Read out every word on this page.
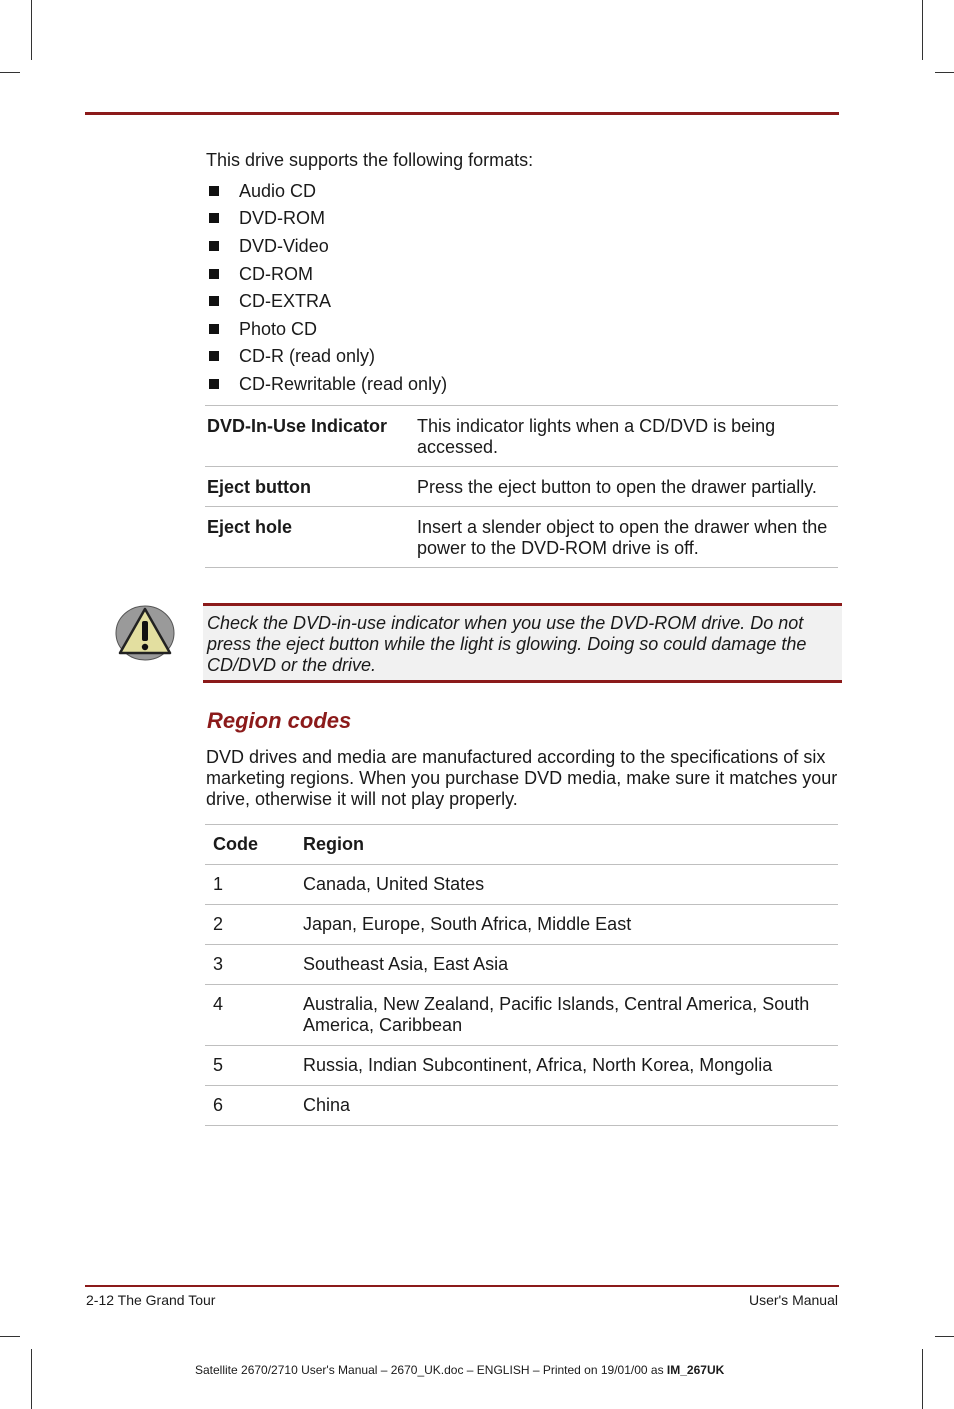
This drive supports the following formats:
Audio CD
DVD-ROM
DVD-Video
CD-ROM
CD-EXTRA
Photo CD
CD-R (read only)
CD-Rewritable (read only)
DVD-In-Use Indicator	This indicator lights when a CD/DVD is being accessed.
Eject button	Press the eject button to open the drawer partially.
Eject hole	Insert a slender object to open the drawer when the power to the DVD-ROM drive is off.

Check the DVD-in-use indicator when you use the DVD-ROM drive. Do not press the eject button while the light is glowing. Doing so could damage the CD/DVD or the drive.

Region codes

DVD drives and media are manufactured according to the specifications of six marketing regions. When you purchase DVD media, make sure it matches your drive, otherwise it will not play properly.

Code	Region
1	Canada, United States
2	Japan, Europe, South Africa, Middle East
3	Southeast Asia, East Asia
4	Australia, New Zealand, Pacific Islands, Central America, South America, Caribbean
5	Russia, Indian Subcontinent, Africa, North Korea, Mongolia
6	China
2-12 The Grand Tour	User's Manual
Satellite 2670/2710 User's Manual – 2670_UK.doc – ENGLISH – Printed on 19/01/00 as IM_267UK
